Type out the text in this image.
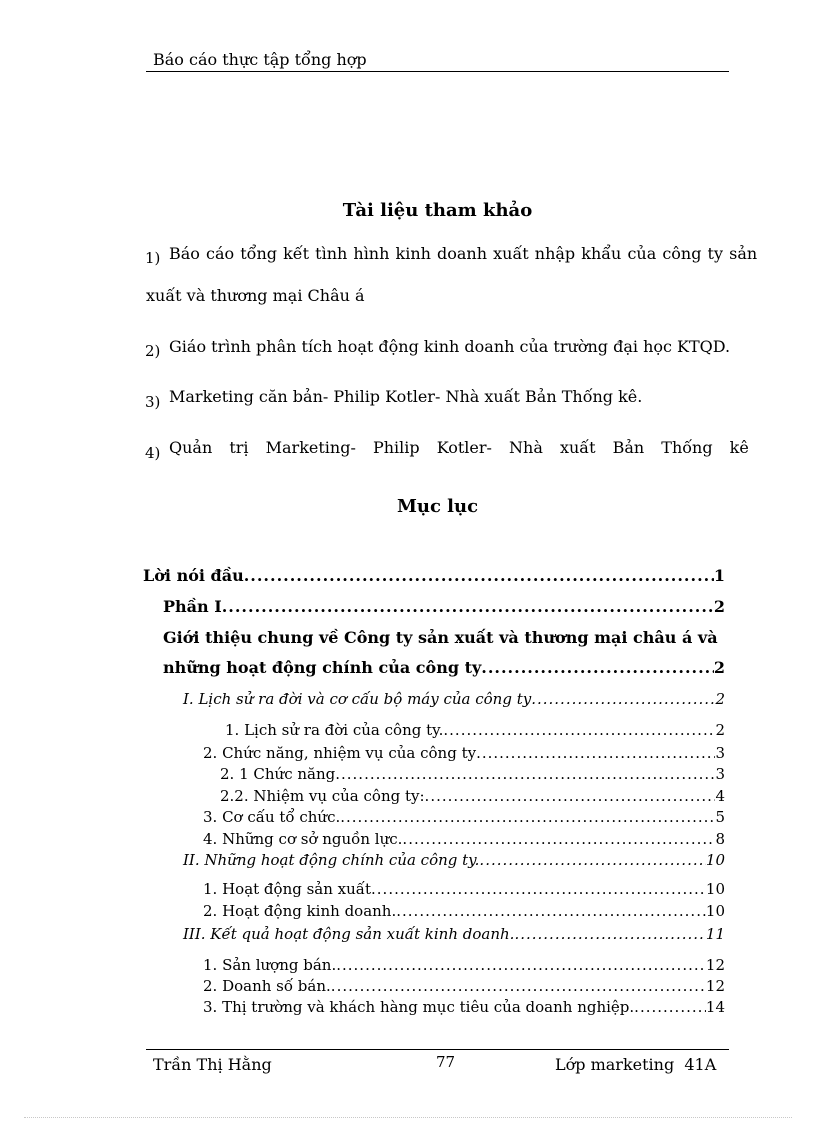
Báo cáo thực tập tổng hợp
Tài liệu tham khảo
1) Báo cáo tổng kết tình hình kinh doanh xuất nhập khẩu của công ty sản
xuất và thương mại Châu á
2) Giáo trình phân tích hoạt động kinh doanh của trường đại học KTQD.
3) Marketing căn bản- Philip Kotler- Nhà xuất Bản Thống kê.
4) Quản trị Marketing- Philip Kotler- Nhà xuất Bản Thống kê
Mục lục
Lời nói đầu .....	1
Phần I .....	2
Giới thiệu chung về Công ty sản xuất và thương mại châu á và
những hoạt động chính của công ty .....	2
I. Lịch sử ra đời và cơ cấu bộ máy của công ty .....	2
1. Lịch sử ra đời của công ty. .....	2
2. Chức năng, nhiệm vụ của công ty .....	3
2. 1 Chức năng .....	3
2.2. Nhiệm vụ của công ty: .....	4
3. Cơ cấu tổ chức. .....	5
4. Những cơ sở nguồn lực. .....	8
II. Những hoạt động chính của công ty. .....	10
1. Hoạt động sản xuất .....	10
2. Hoạt động kinh doanh. .....	10
III. Kết quả hoạt động sản xuất kinh doanh. .....	11
1. Sản lượng bán. .....	12
2. Doanh số bán. .....	12
3. Thị trường và khách hàng mục tiêu của doanh nghiệp. .....	14
Trần Thị Hằng	77	Lớp marketing  41A
